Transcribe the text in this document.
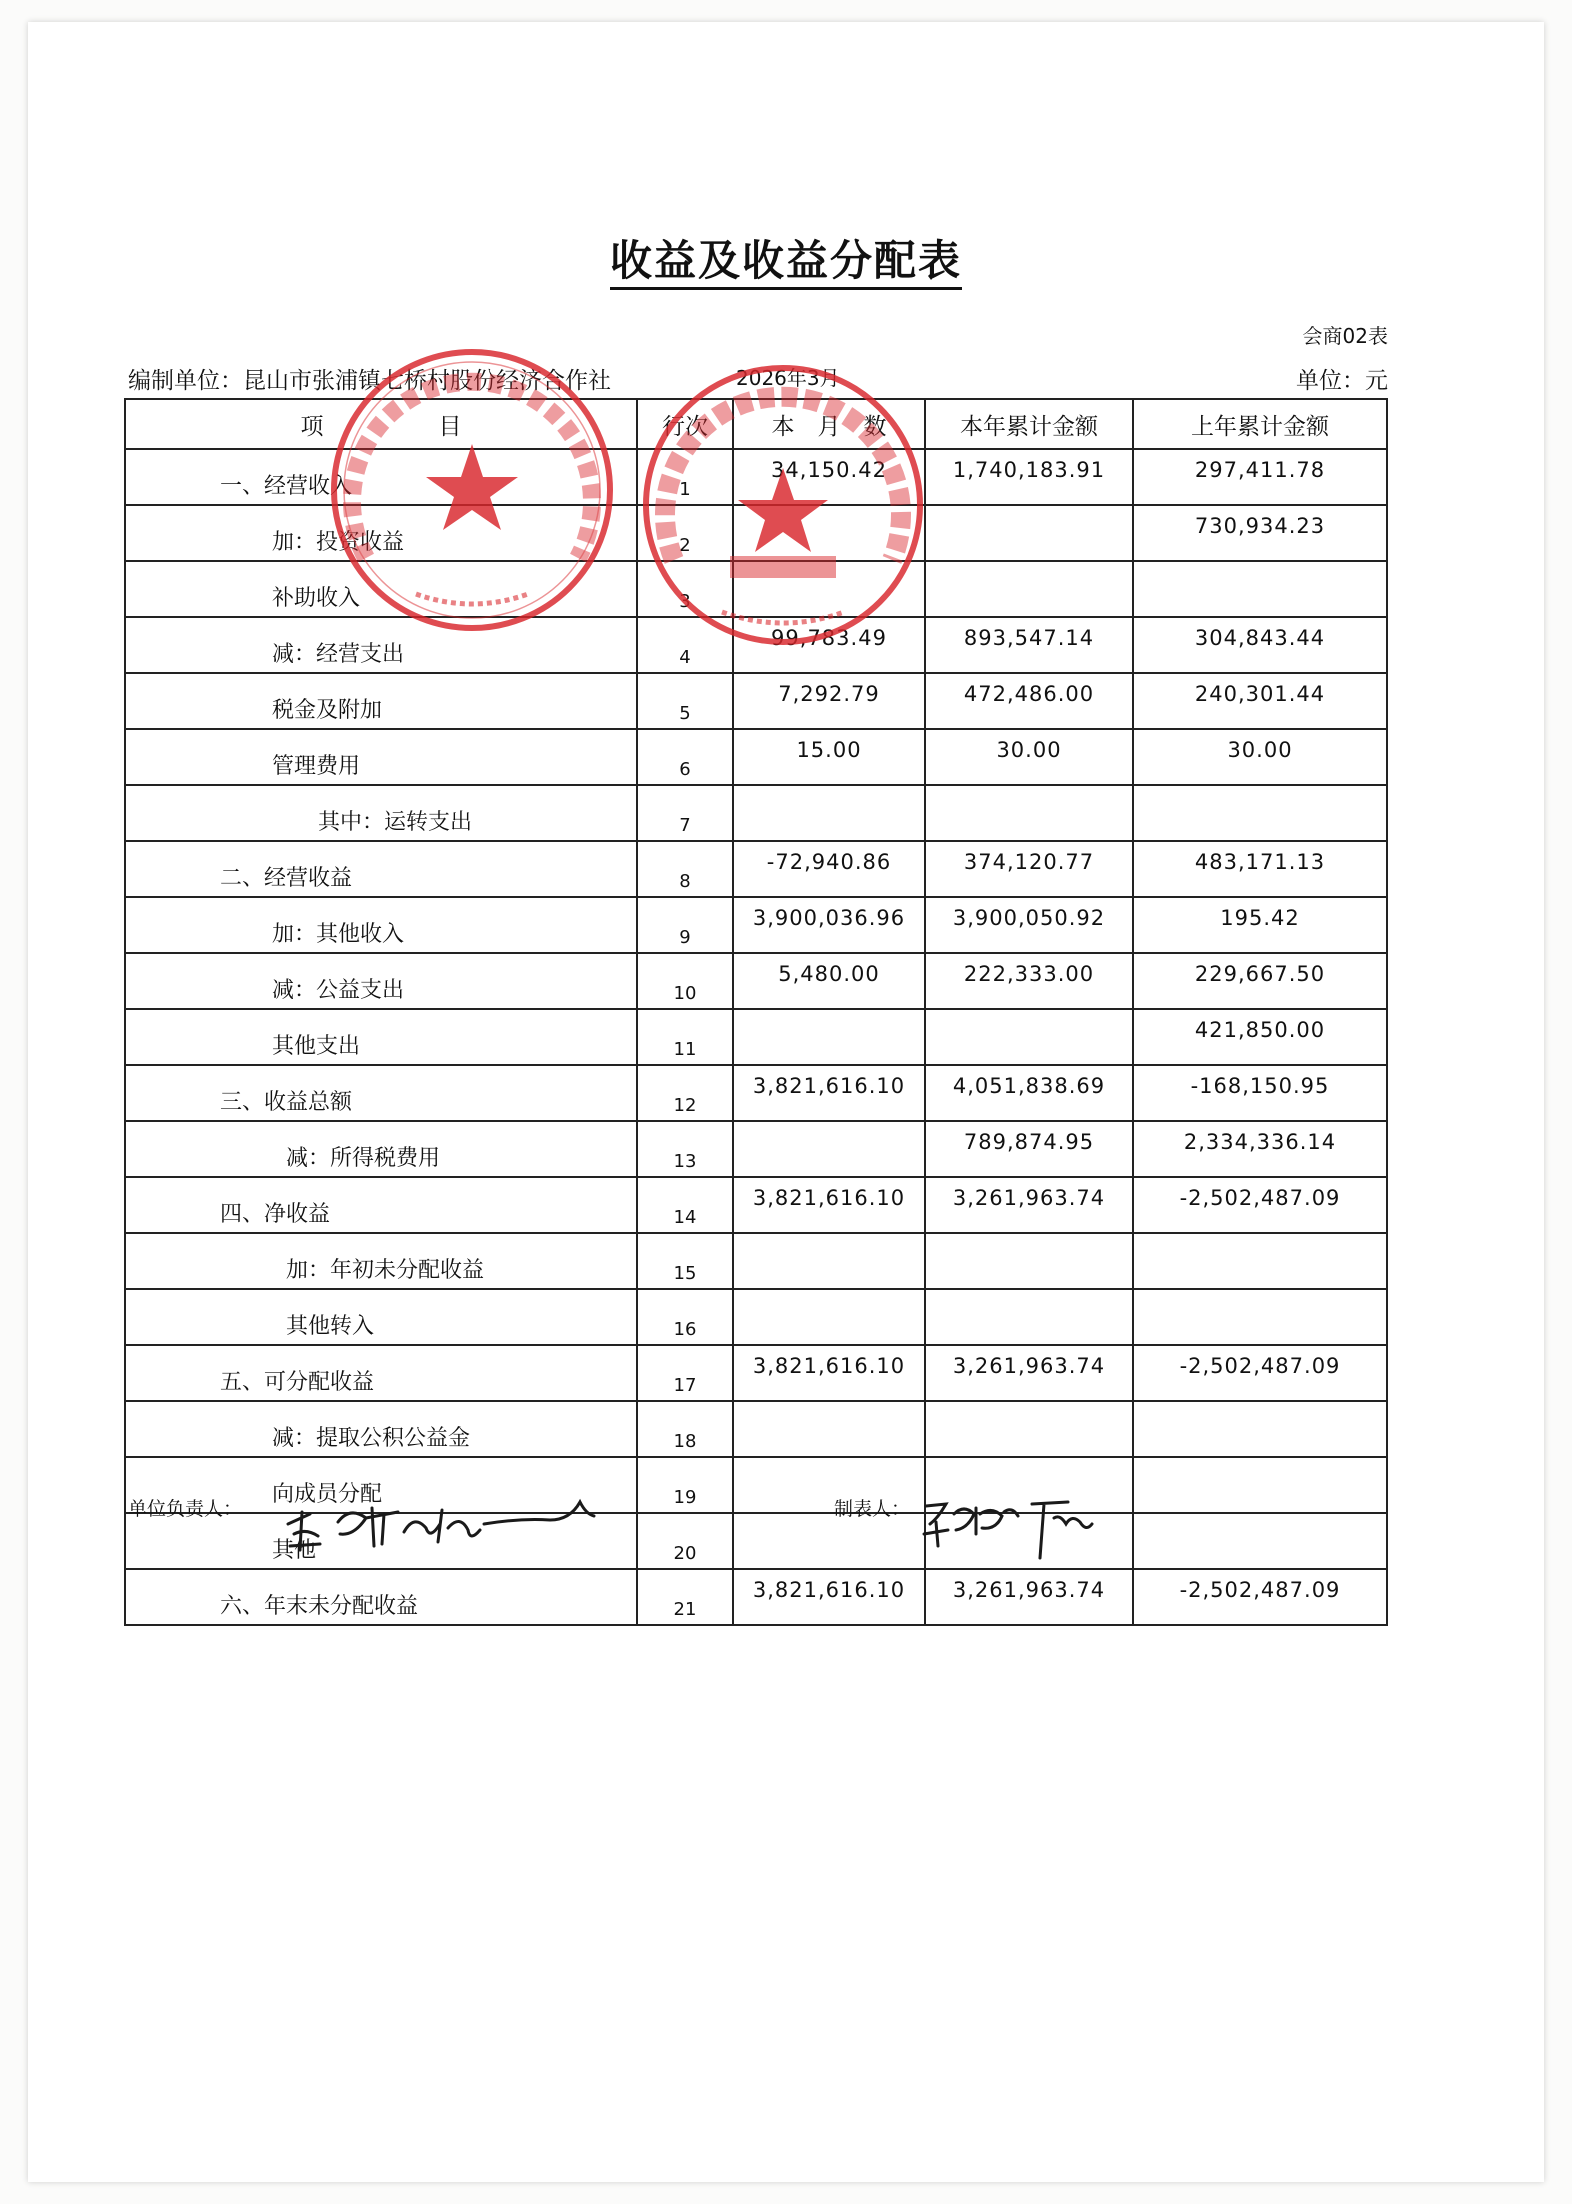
收益及收益分配表
会商02表
编制单位：昆山市张浦镇七桥村股份经济合作社	2026年3月	单位：元
项　　　　　目	行次	本　月　数	本年累计金额	上年累计金额
一、经营收入	1	34,150.42	1,740,183.91	297,411.78
加：投资收益	2			730,934.23
补助收入	3			
减：经营支出	4	99,783.49	893,547.14	304,843.44
税金及附加	5	7,292.79	472,486.00	240,301.44
管理费用	6	15.00	30.00	30.00
其中：运转支出	7			
二、经营收益	8	-72,940.86	374,120.77	483,171.13
加：其他收入	9	3,900,036.96	3,900,050.92	195.42
减：公益支出	10	5,480.00	222,333.00	229,667.50
其他支出	11			421,850.00
三、收益总额	12	3,821,616.10	4,051,838.69	-168,150.95
减：所得税费用	13		789,874.95	2,334,336.14
四、净收益	14	3,821,616.10	3,261,963.74	-2,502,487.09
加：年初未分配收益	15			
其他转入	16			
五、可分配收益	17	3,821,616.10	3,261,963.74	-2,502,487.09
减：提取公积公益金	18			
向成员分配	19			
其他	20			
六、年末未分配收益	21	3,821,616.10	3,261,963.74	-2,502,487.09
单位负责人：	制表人：
